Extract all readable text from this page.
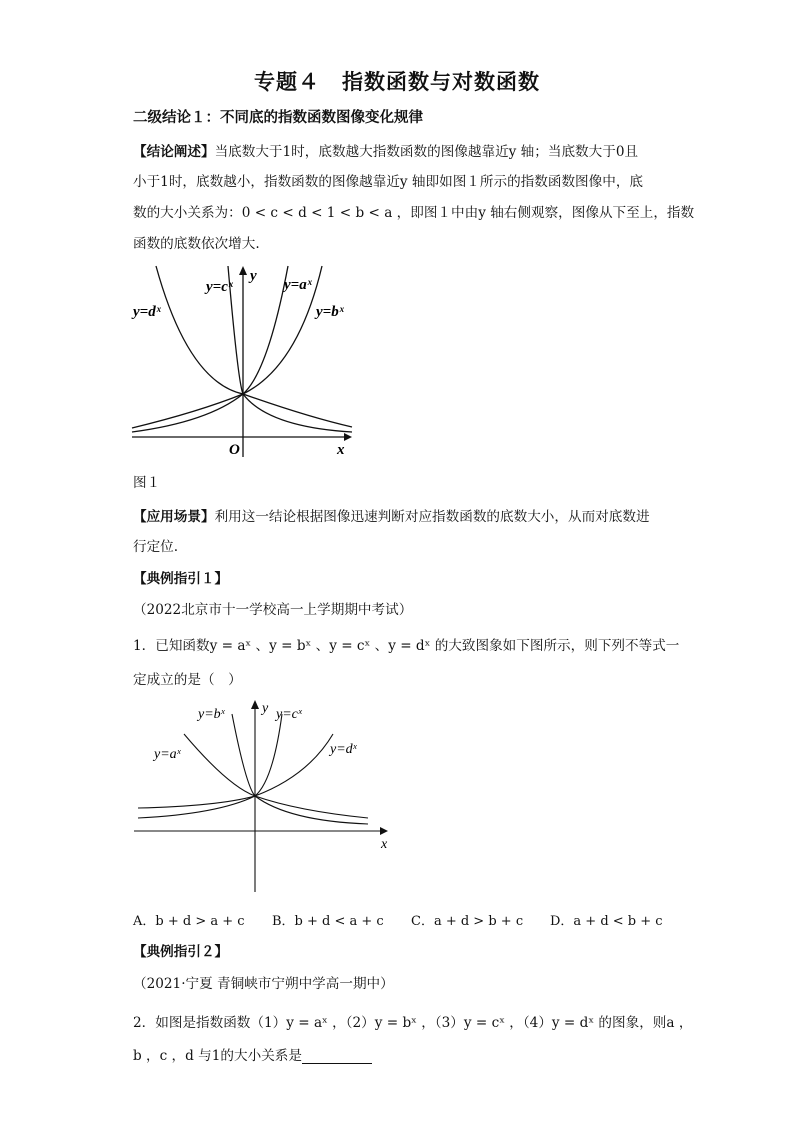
专题４　指数函数与对数函数
二级结论１：不同底的指数函数图像变化规律
【结论阐述】当底数大于1时，底数越大指数函数的图像越靠近y 轴；当底数大于0且
小于1时，底数越小，指数函数的图像越靠近y 轴即如图１所示的指数函数图像中，底
数的大小关系为：0 < c < d < 1 < b < a ，即图１中由y 轴右侧观察，图像从下至上，指数
函数的底数依次增大.
y=dˣ
y=cˣ	y=aˣ
y=bˣ
y
x
O
图１
【应用场景】利用这一结论根据图像迅速判断对应指数函数的底数大小，从而对底数进
行定位.
【典例指引１】
（2022北京市十一学校高一上学期期中考试）
1．已知函数y = aˣ 、y = bˣ 、y = cˣ 、y = dˣ 的大致图象如下图所示，则下列不等式一
定成立的是（　）
y=bˣ	y=cˣ
y=aˣ	y=dˣ
y
x
A．b + d > a + c B．b + d < a + c C．a + d > b + c D．a + d < b + c
【典例指引２】
（2021·宁夏 青铜峡市宁朔中学高一期中）
2．如图是指数函数（1）y = aˣ ，（2）y = bˣ ，（3）y = cˣ ，（4）y = dˣ 的图象，则a ，
b ，c ，d 与1的大小关系是
